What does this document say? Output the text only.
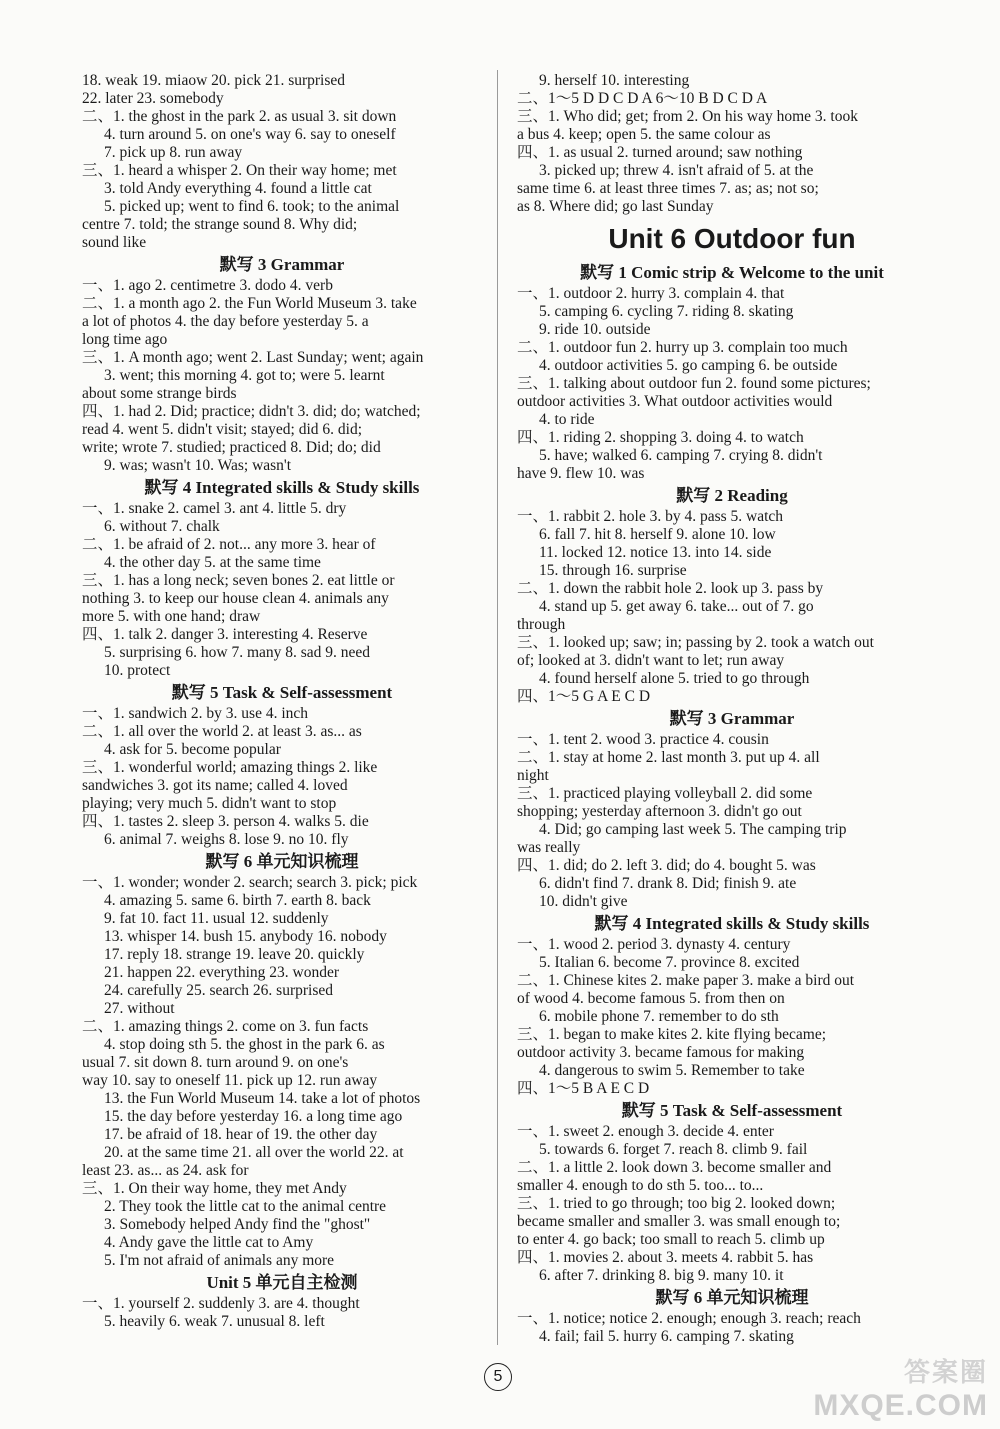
18. weak 19. miaow 20. pick 21. surprised
22. later 23. somebody
二、1. the ghost in the park 2. as usual 3. sit down
4. turn around 5. on one's way 6. say to oneself
7. pick up 8. run away
三、1. heard a whisper 2. On their way home; met
3. told Andy everything 4. found a little cat
5. picked up; went to find 6. took; to the animal
centre 7. told; the strange sound 8. Why did;
sound like
默写 3 Grammar
一、1. ago 2. centimetre 3. dodo 4. verb
二、1. a month ago 2. the Fun World Museum 3. take
a lot of photos 4. the day before yesterday 5. a
long time ago
三、1. A month ago; went 2. Last Sunday; went; again
3. went; this morning 4. got to; were 5. learnt
about some strange birds
四、1. had 2. Did; practice; didn't 3. did; do; watched;
read 4. went 5. didn't visit; stayed; did 6. did;
write; wrote 7. studied; practiced 8. Did; do; did
9. was; wasn't 10. Was; wasn't
默写 4 Integrated skills & Study skills
一、1. snake 2. camel 3. ant 4. little 5. dry
6. without 7. chalk
二、1. be afraid of 2. not... any more 3. hear of
4. the other day 5. at the same time
三、1. has a long neck; seven bones 2. eat little or
nothing 3. to keep our house clean 4. animals any
more 5. with one hand; draw
四、1. talk 2. danger 3. interesting 4. Reserve
5. surprising 6. how 7. many 8. sad 9. need
10. protect
默写 5 Task & Self-assessment
一、1. sandwich 2. by 3. use 4. inch
二、1. all over the world 2. at least 3. as... as
4. ask for 5. become popular
三、1. wonderful world; amazing things 2. like
sandwiches 3. got its name; called 4. loved
playing; very much 5. didn't want to stop
四、1. tastes 2. sleep 3. person 4. walks 5. die
6. animal 7. weighs 8. lose 9. no 10. fly
默写 6 单元知识梳理
一、1. wonder; wonder 2. search; search 3. pick; pick
4. amazing 5. same 6. birth 7. earth 8. back
9. fat 10. fact 11. usual 12. suddenly
13. whisper 14. bush 15. anybody 16. nobody
17. reply 18. strange 19. leave 20. quickly
21. happen 22. everything 23. wonder
24. carefully 25. search 26. surprised
27. without
二、1. amazing things 2. come on 3. fun facts
4. stop doing sth 5. the ghost in the park 6. as
usual 7. sit down 8. turn around 9. on one's
way 10. say to oneself 11. pick up 12. run away
13. the Fun World Museum 14. take a lot of photos
15. the day before yesterday 16. a long time ago
17. be afraid of 18. hear of 19. the other day
20. at the same time 21. all over the world 22. at
least 23. as... as 24. ask for
三、1. On their way home, they met Andy
2. They took the little cat to the animal centre
3. Somebody helped Andy find the "ghost"
4. Andy gave the little cat to Amy
5. I'm not afraid of animals any more
Unit 5 单元自主检测
一、1. yourself 2. suddenly 3. are 4. thought
5. heavily 6. weak 7. unusual 8. left
9. herself 10. interesting
二、1～5 D D C D A 6～10 B D C D A
三、1. Who did; get; from 2. On his way home 3. took
a bus 4. keep; open 5. the same colour as
四、1. as usual 2. turned around; saw nothing
3. picked up; threw 4. isn't afraid of 5. at the
same time 6. at least three times 7. as; as; not so;
as 8. Where did; go last Sunday
Unit 6 Outdoor fun
默写 1 Comic strip & Welcome to the unit
一、1. outdoor 2. hurry 3. complain 4. that
5. camping 6. cycling 7. riding 8. skating
9. ride 10. outside
二、1. outdoor fun 2. hurry up 3. complain too much
4. outdoor activities 5. go camping 6. be outside
三、1. talking about outdoor fun 2. found some pictures;
outdoor activities 3. What outdoor activities would
4. to ride
四、1. riding 2. shopping 3. doing 4. to watch
5. have; walked 6. camping 7. crying 8. didn't
have 9. flew 10. was
默写 2 Reading
一、1. rabbit 2. hole 3. by 4. pass 5. watch
6. fall 7. hit 8. herself 9. alone 10. low
11. locked 12. notice 13. into 14. side
15. through 16. surprise
二、1. down the rabbit hole 2. look up 3. pass by
4. stand up 5. get away 6. take... out of 7. go
through
三、1. looked up; saw; in; passing by 2. took a watch out
of; looked at 3. didn't want to let; run away
4. found herself alone 5. tried to go through
四、1～5 G A E C D
默写 3 Grammar
一、1. tent 2. wood 3. practice 4. cousin
二、1. stay at home 2. last month 3. put up 4. all
night
三、1. practiced playing volleyball 2. did some
shopping; yesterday afternoon 3. didn't go out
4. Did; go camping last week 5. The camping trip
was really
四、1. did; do 2. left 3. did; do 4. bought 5. was
6. didn't find 7. drank 8. Did; finish 9. ate
10. didn't give
默写 4 Integrated skills & Study skills
一、1. wood 2. period 3. dynasty 4. century
5. Italian 6. become 7. province 8. excited
二、1. Chinese kites 2. make paper 3. make a bird out
of wood 4. become famous 5. from then on
6. mobile phone 7. remember to do sth
三、1. began to make kites 2. kite flying became;
outdoor activity 3. became famous for making
4. dangerous to swim 5. Remember to take
四、1～5 B A E C D
默写 5 Task & Self-assessment
一、1. sweet 2. enough 3. decide 4. enter
5. towards 6. forget 7. reach 8. climb 9. fail
二、1. a little 2. look down 3. become smaller and
smaller 4. enough to do sth 5. too... to...
三、1. tried to go through; too big 2. looked down;
became smaller and smaller 3. was small enough to;
to enter 4. go back; too small to reach 5. climb up
四、1. movies 2. about 3. meets 4. rabbit 5. has
6. after 7. drinking 8. big 9. many 10. it
默写 6 单元知识梳理
一、1. notice; notice 2. enough; enough 3. reach; reach
4. fail; fail 5. hurry 6. camping 7. skating
5	答案圈
MXQE.COM
